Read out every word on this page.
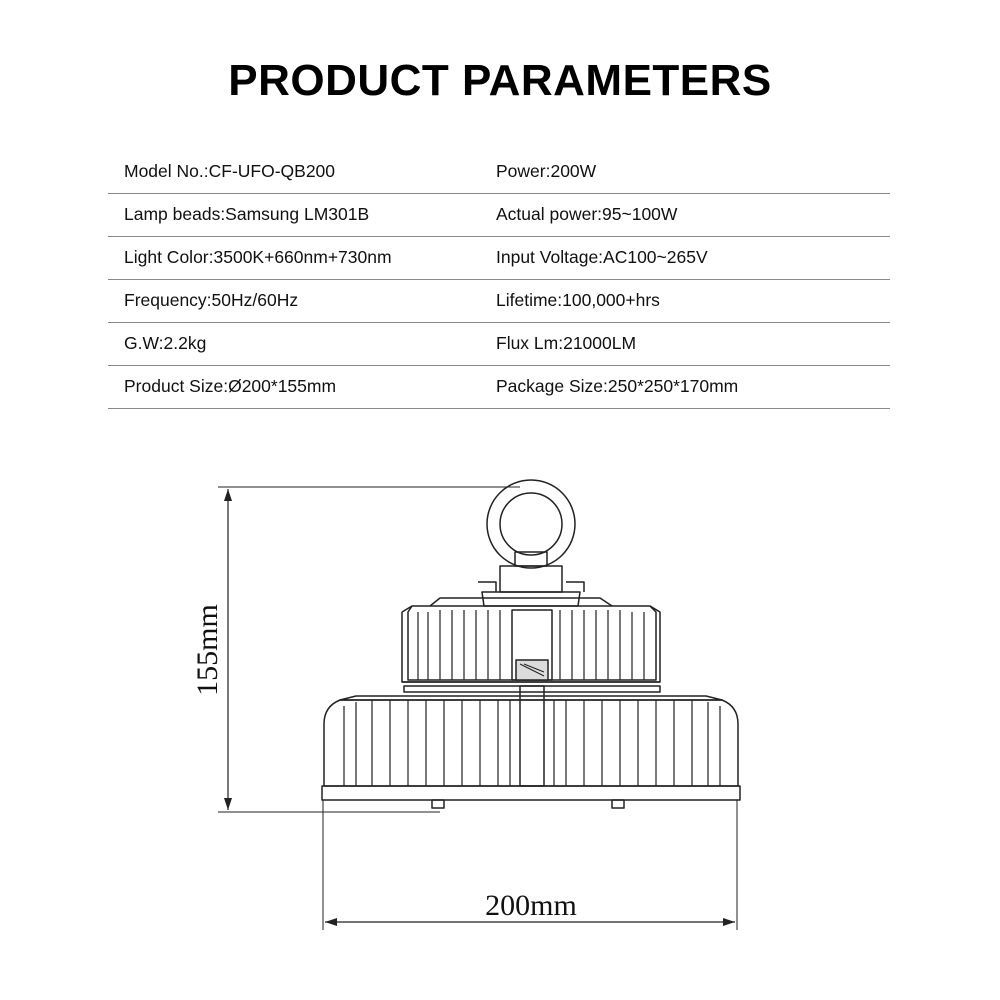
PRODUCT PARAMETERS
Model No.:CF-UFO-QB200	Power:200W
Lamp beads:Samsung LM301B	Actual power:95~100W
Light Color:3500K+660nm+730nm	Input Voltage:AC100~265V
Frequency:50Hz/60Hz	Lifetime:100,000+hrs
G.W:2.2kg	Flux Lm:21000LM
Product Size:Ø200*155mm	Package Size:250*250*170mm
155mm
200mm
